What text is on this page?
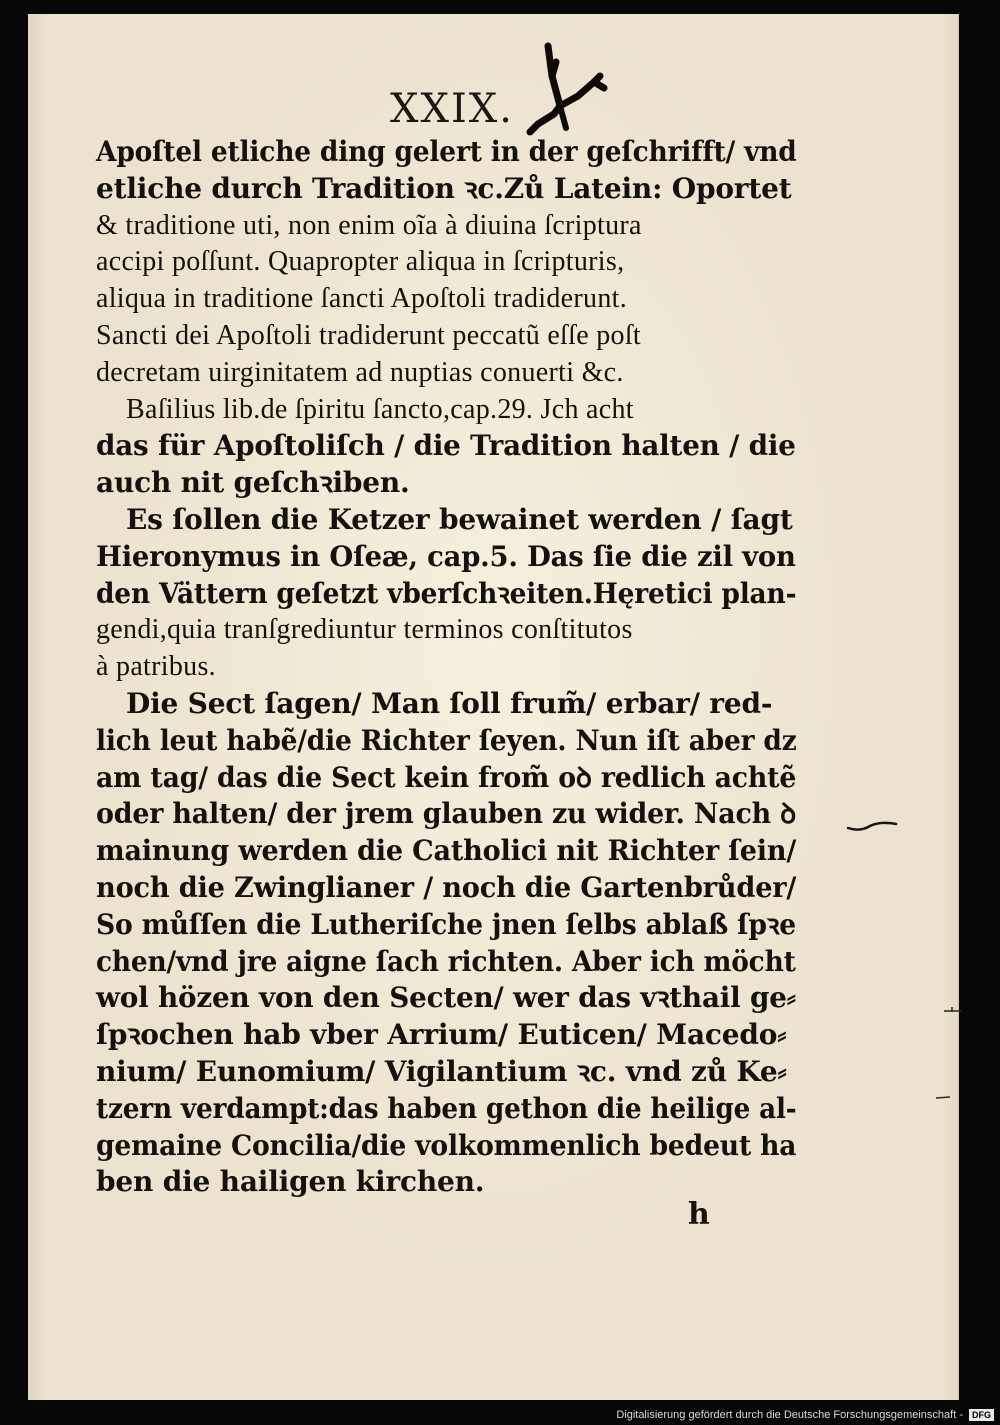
XXIX.
Apoſtel etliche ding gelert in der geſchrifft/ vnd
etliche durch Tradition ꝛc.Zů Latein: Oportet
& traditione uti, non enim oĩa à diuina ſcriptura
accipi poſſunt. Quapropter aliqua in ſcripturis,
aliqua in traditione ſancti Apoſtoli tradiderunt.
Sancti dei Apoſtoli tradiderunt peccatũ eſſe poſt
decretam uirginitatem ad nuptias conuerti &c.
Baſilius lib.de ſpiritu ſancto,cap.29. Jch acht
das für Apoſtoliſch / die Tradition halten / die
auch nit geſchꝛiben.
Es ſollen die Ketzer bewainet werden / ſagt
Hieronymus in Oſeæ, cap.5. Das ſie die zil von
den Vättern geſetzt vberſchꝛeiten.Hęretici plan-
gendi,quia tranſgrediuntur terminos conſtitutos
à patribus.
Die Sect ſagen/ Man ſoll frum̃/ erbar/ red-
lich leut habẽ/die Richter ſeyen. Nun iſt aber dz
am tag/ das die Sect kein from̃ oꝺ redlich achtẽ
oder halten/ der jrem glauben zu wider. Nach ꝺ
mainung werden die Catholici nit Richter ſein/
noch die Zwinglianer / noch die Gartenbrůder/
So můſſen die Lutheriſche jnen ſelbs ablaß ſpꝛe
chen/vnd jre aigne ſach richten. Aber ich möcht
wol hözen von den Secten/ wer das vꝛthail ge⸗
ſpꝛochen hab vber Arrium/ Euticen/ Macedo⸗
nium/ Eunomium/ Vigilantium ꝛc. vnd zů Ke⸗
tzern verdampt:das haben gethon die heilige al-
gemaine Concilia/die volkommenlich bedeut ha
ben die hailigen kirchen.
h
Digitalisierung gefördert durch die Deutsche Forschungsgemeinschaft -	DFG
